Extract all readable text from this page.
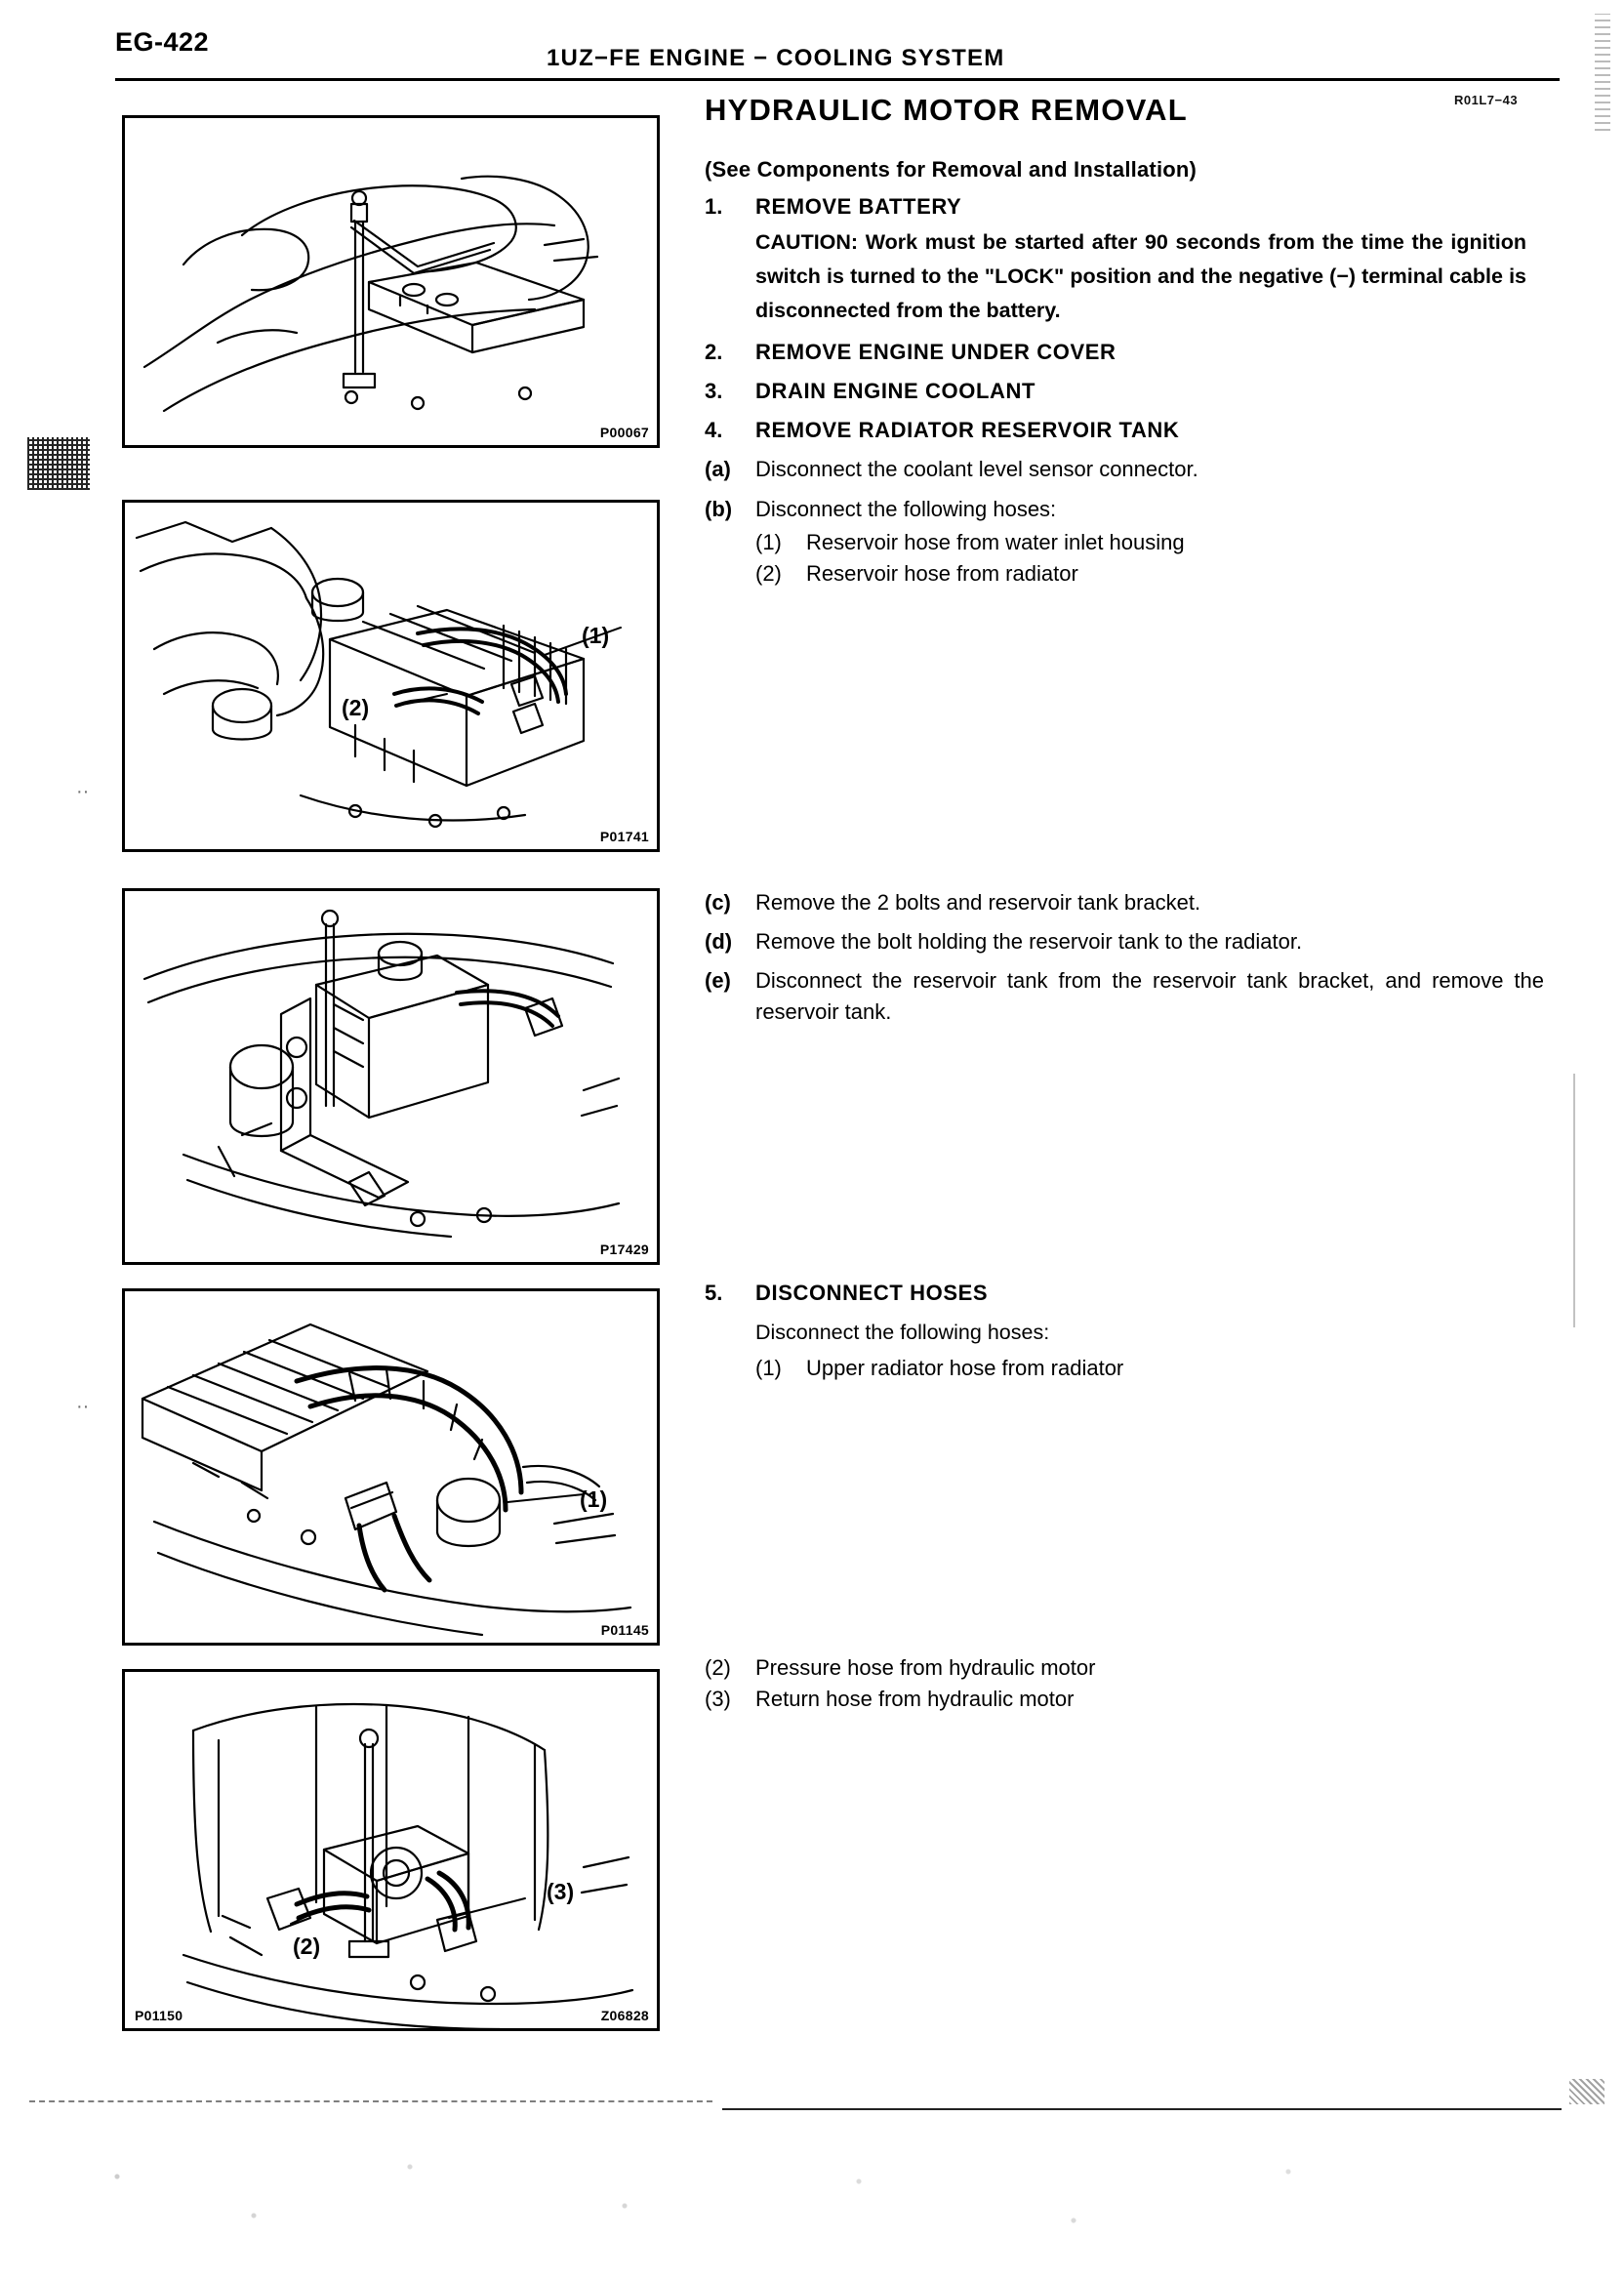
EG-422
1UZ−FE ENGINE − COOLING SYSTEM
··
··
P00067
(1)
(2)
P01741
P17429
(1)
P01145
(3)
(2)
P01150	Z06828
R01L7−43
HYDRAULIC MOTOR REMOVAL
(See Components for Removal and Installation)
1.	REMOVE BATTERY
CAUTION: Work must be started after 90 seconds from the time the ignition switch is turned to the "LOCK" position and the negative (−) terminal cable is disconnected from the battery.
2.	REMOVE ENGINE UNDER COVER
3.	DRAIN ENGINE COOLANT
4.	REMOVE RADIATOR RESERVOIR TANK
(a)	Disconnect the coolant level sensor connector.
(b)	Disconnect the following hoses:
(1)	Reservoir hose from water inlet housing
(2)	Reservoir hose from radiator
(c)	Remove the 2 bolts and reservoir tank bracket.
(d)	Remove the bolt holding the reservoir tank to the radiator.
(e)	Disconnect the reservoir tank from the reservoir tank bracket, and remove the reservoir tank.
5.	DISCONNECT HOSES
Disconnect the following hoses:
(1)	Upper radiator hose from radiator
(2)	Pressure hose from hydraulic motor
(3)	Return hose from hydraulic motor
